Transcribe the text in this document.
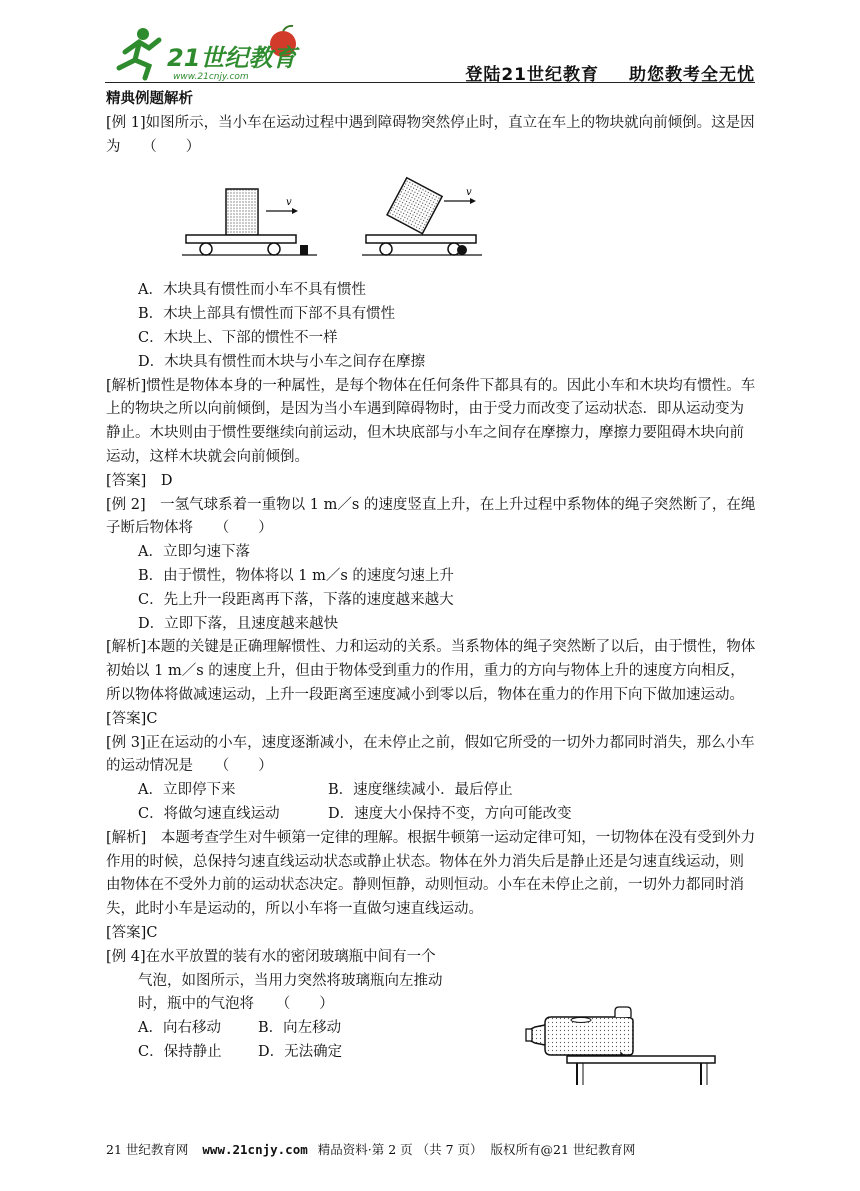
21世纪教育
www.21cnjy.com	登陆21世纪教育 助您教考全无忧

精典例题解析

[例 1]如图所示，当小车在运动过程中遇到障碍物突然停止时，直立在车上的物块就向前倾倒。这是因为　　（　　）

v
v

A．木块具有惯性而小车不具有惯性

B．木块上部具有惯性而下部不具有惯性

C．木块上、下部的惯性不一样

D．木块具有惯性而木块与小车之间存在摩擦

[解析]惯性是物体本身的一种属性，是每个物体在任何条件下都具有的。因此小车和木块均有惯性。车上的物块之所以向前倾倒，是因为当小车遇到障碍物时，由于受力而改变了运动状态．即从运动变为静止。木块则由于惯性要继续向前运动，但木块底部与小车之间存在摩擦力，摩擦力要阻碍木块向前运动，这样木块就会向前倾倒。

[答案]　D

[例 2]　一氢气球系着一重物以 1 m／s 的速度竖直上升，在上升过程中系物体的绳子突然断了，在绳子断后物体将　　（　　）

A．立即匀速下落

B．由于惯性，物体将以 1 m／s 的速度匀速上升

C．先上升一段距离再下落，下落的速度越来越大

D．立即下落，且速度越来越快

[解析]本题的关键是正确理解惯性、力和运动的关系。当系物体的绳子突然断了以后，由于惯性，物体初始以 1 m／s 的速度上升，但由于物体受到重力的作用，重力的方向与物体上升的速度方向相反，所以物体将做减速运动，上升一段距离至速度减小到零以后，物体在重力的作用下向下做加速运动。

[答案]C

[例 3]正在运动的小车，速度逐渐减小，在未停止之前，假如它所受的一切外力都同时消失，那么小车的运动情况是　　（　　）

A．立即停下来	B．速度继续减小．最后停止

C．将做匀速直线运动	D．速度大小保持不变，方向可能改变

[解析]　本题考查学生对牛顿第一定律的理解。根据牛顿第一运动定律可知，一切物体在没有受到外力作用的时候，总保持匀速直线运动状态或静止状态。物体在外力消失后是静止还是匀速直线运动，则由物体在不受外力前的运动状态决定。静则恒静，动则恒动。小车在未停止之前，一切外力都同时消失，此时小车是运动的，所以小车将一直做匀速直线运动。

[答案]C

[例 4]在水平放置的装有水的密闭玻璃瓶中间有一个

气泡，如图所示，当用力突然将玻璃瓶向左推动

时，瓶中的气泡将　　（　　）

A．向右移动	B．向左移动

C．保持静止	D．无法确定

21 世纪教育网 www.21cnjy.com 精品资料·第 2 页 （共 7 页） 版权所有@21 世纪教育网
